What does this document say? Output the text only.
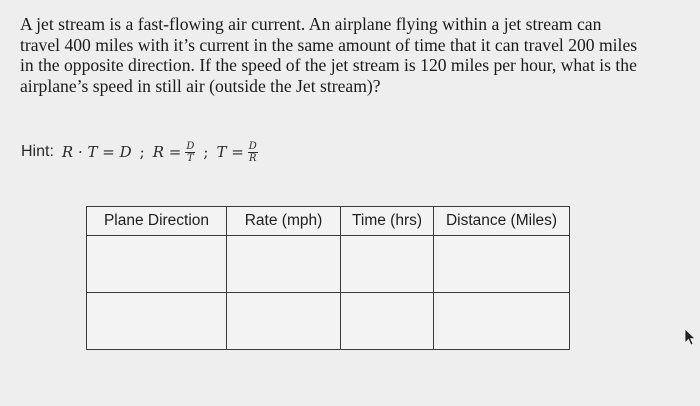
A jet stream is a fast-flowing air current. An airplane flying within a jet stream can
travel 400 miles with it’s current in the same amount of time that it can travel 200 miles
in the opposite direction. If the speed of the jet stream is 120 miles per hour, what is the
airplane’s speed in still air (outside the Jet stream)?
Hint: R · T = D ; $R = \frac{D}{T}$ ; $T = \frac{D}{R}$
Plane Direction	Rate (mph)	Time (hrs)	Distance (Miles)
